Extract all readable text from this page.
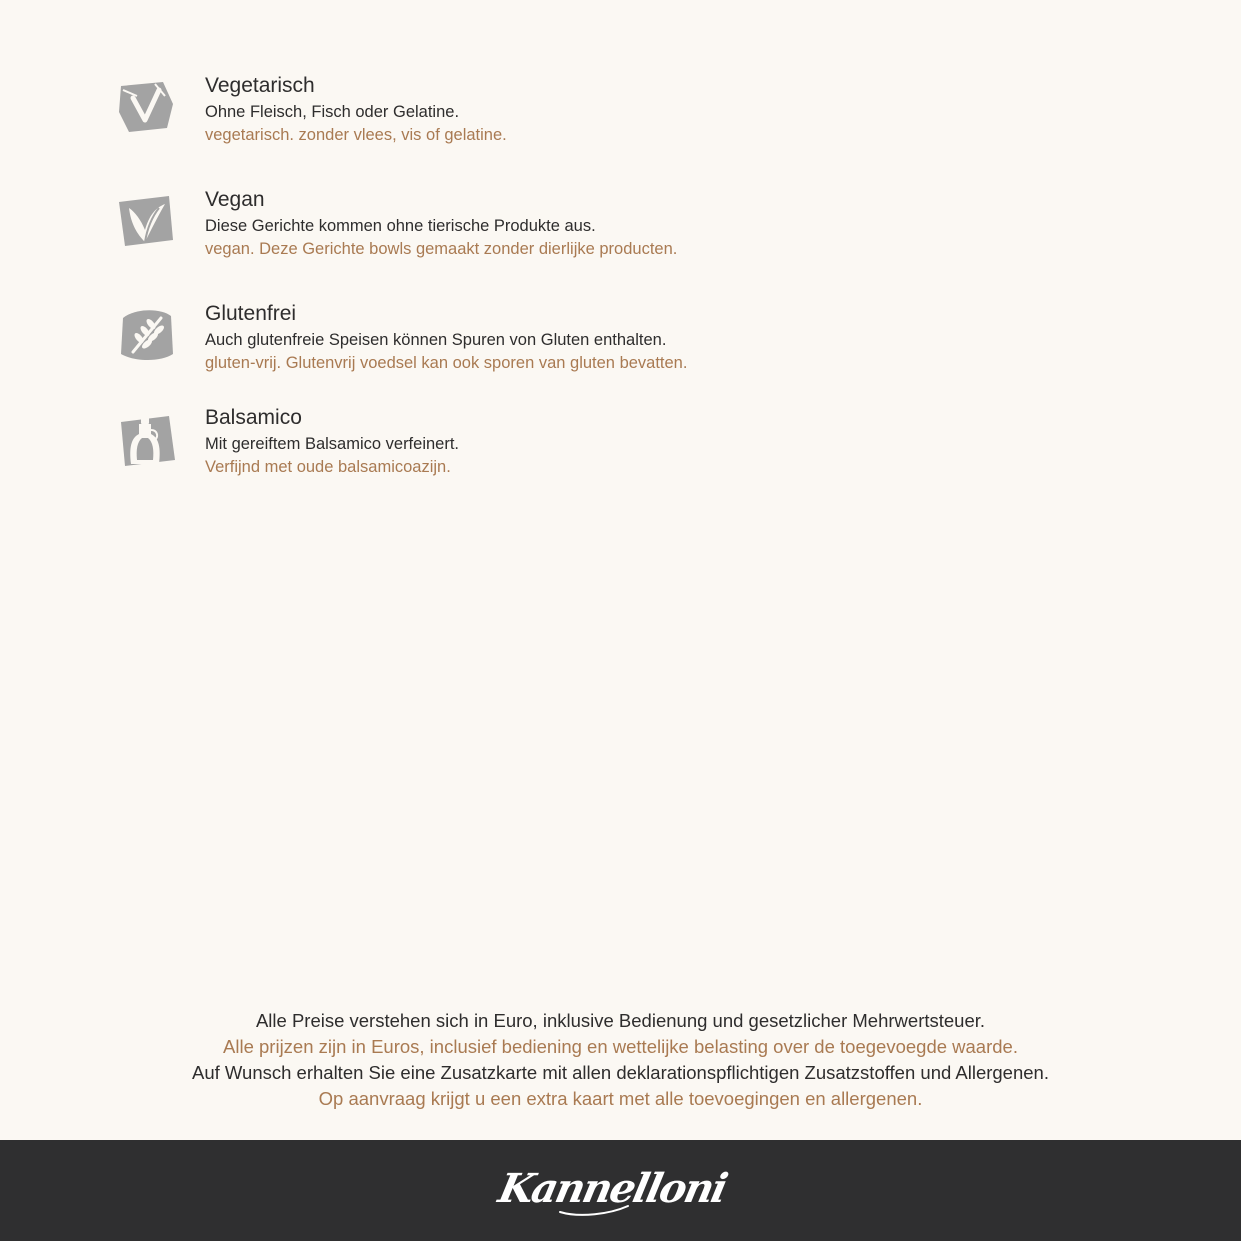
Vegetarisch
Ohne Fleisch, Fisch oder Gelatine.
vegetarisch. zonder vlees, vis of gelatine.
Vegan
Diese Gerichte kommen ohne tierische Produkte aus.
vegan. Deze Gerichte bowls gemaakt zonder dierlijke producten.
Glutenfrei
Auch glutenfreie Speisen können Spuren von Gluten enthalten.
gluten-vrij. Glutenvrij voedsel kan ook sporen van gluten bevatten.
Balsamico
Mit gereiftem Balsamico verfeinert.
Verfijnd met oude balsamicoazijn.
Alle Preise verstehen sich in Euro, inklusive Bedienung und gesetzlicher Mehrwertsteuer.
Alle prijzen zijn in Euros, inclusief bediening en wettelijke belasting over de toegevoegde waarde.
Auf Wunsch erhalten Sie eine Zusatzkarte mit allen deklarationspflichtigen Zusatzstoffen und Allergenen.
Op aanvraag krijgt u een extra kaart met alle toevoegingen en allergenen.
Kannelloni
